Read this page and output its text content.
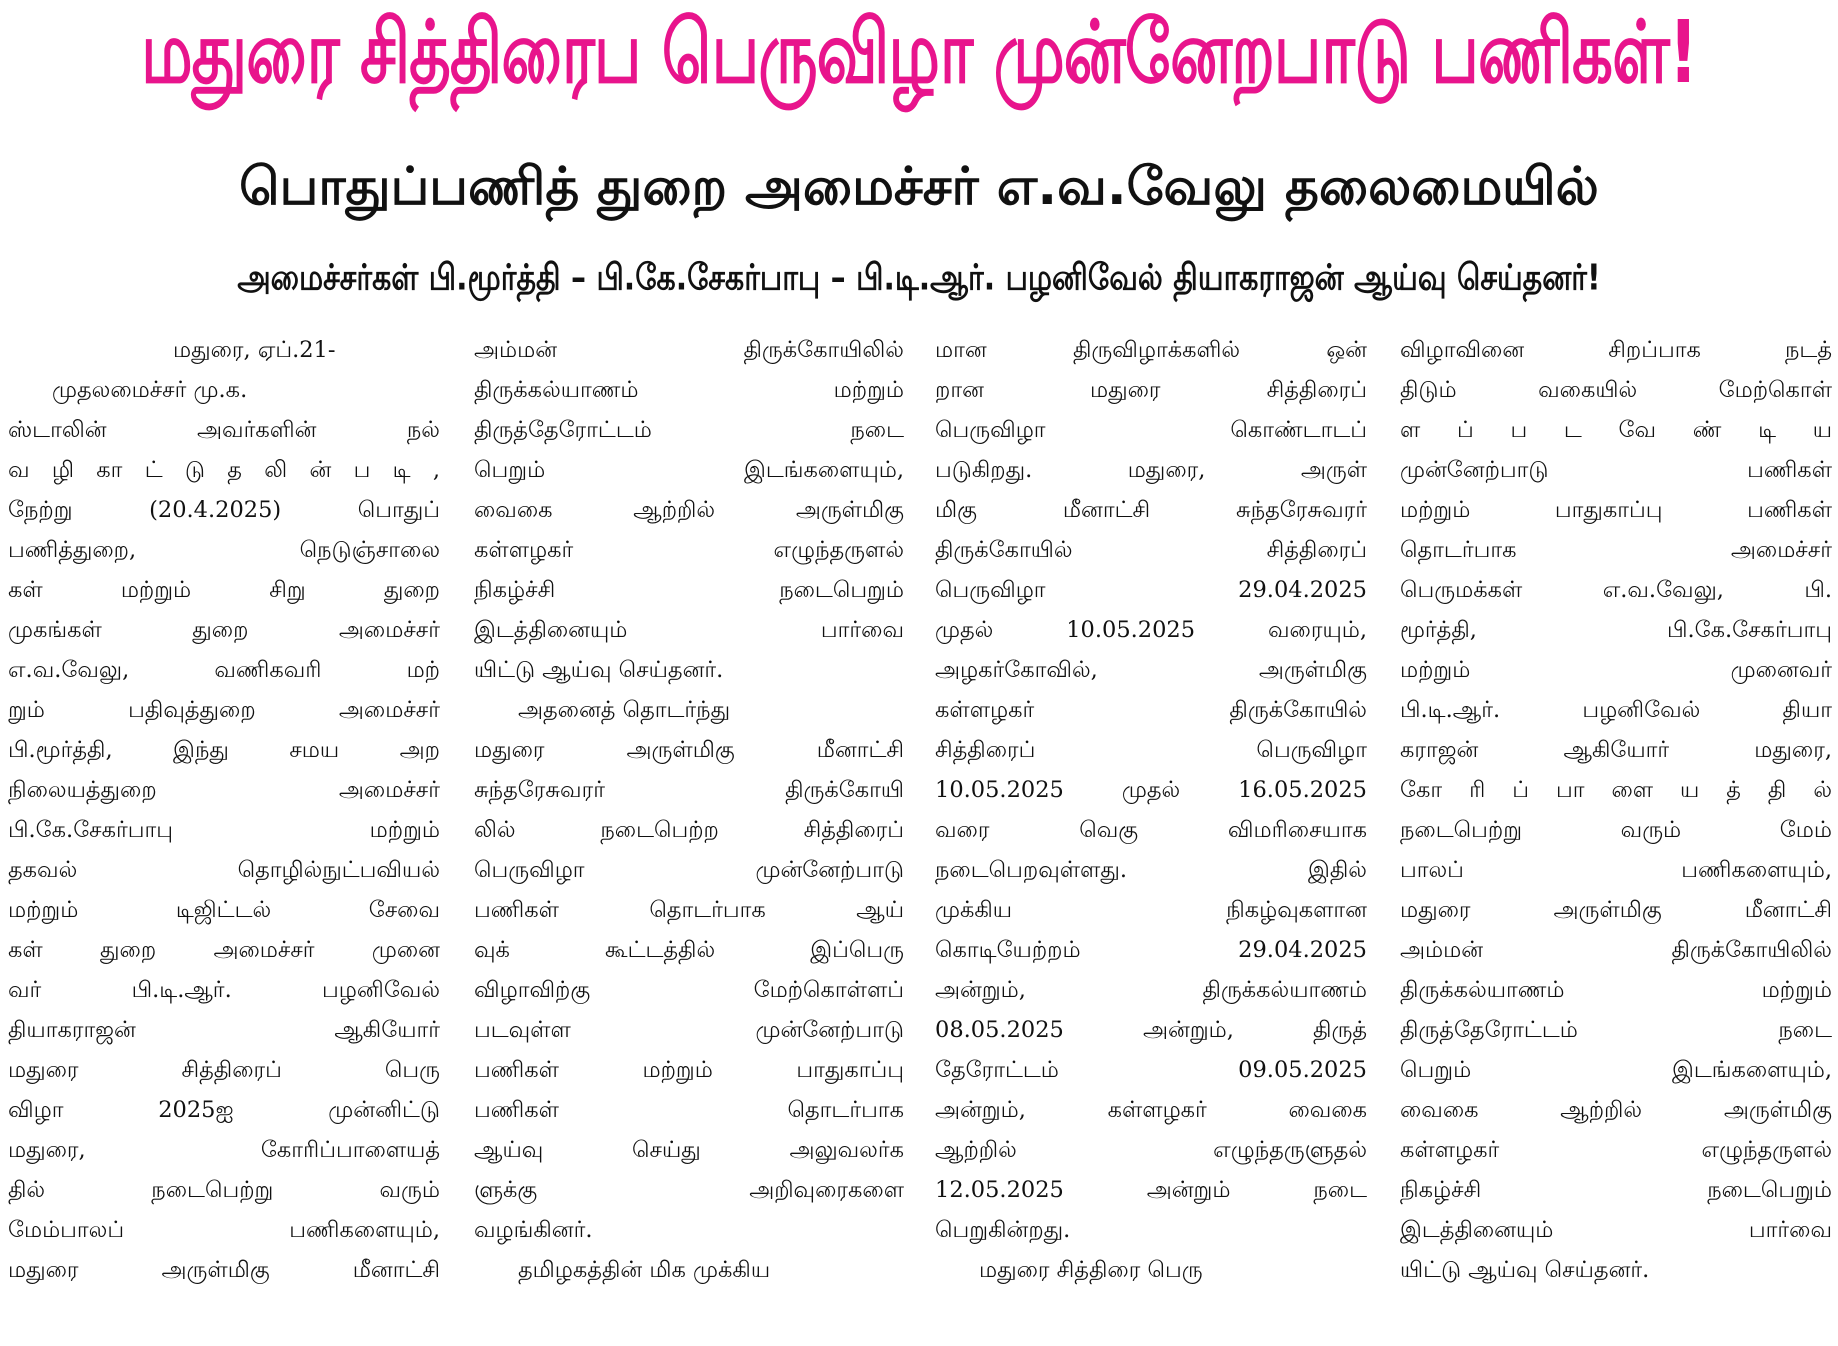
மதுரை சித்திரைப பெருவிழா முன்னேறபாடு பணிகள்!
பொதுப்பணித் துறை அமைச்சர் எ.வ.வேலு தலைமையில்
அமைச்சர்கள் பி.மூர்த்தி – பி.கே.சேகர்பாபு – பி.டி.ஆர். பழனிவேல் தியாகராஜன் ஆய்வு செய்தனர்!
மதுரை, ஏப்.21-
முதலமைச்சர் மு.க.
ஸ்டாலின் அவர்களின் நல்
வ ழி கா ட் டு த லி ன் ப டி ,
நேற்று (20.4.2025) பொதுப்
பணித்துறை, நெடுஞ்சாலை
கள் மற்றும் சிறு துறை
முகங்கள் துறை அமைச்சர்
எ.வ.வேலு, வணிகவரி மற்
றும் பதிவுத்துறை அமைச்சர்
பி.மூர்த்தி, இந்து சமய அற
நிலையத்துறை அமைச்சர்
பி.கே.சேகர்பாபு மற்றும்
தகவல் தொழில்நுட்பவியல்
மற்றும் டிஜிட்டல் சேவை
கள் துறை அமைச்சர் முனை
வர் பி.டி.ஆர். பழனிவேல்
தியாகராஜன் ஆகியோர்
மதுரை சித்திரைப் பெரு
விழா 2025ஐ முன்னிட்டு
மதுரை, கோரிப்பாளையத்
தில் நடைபெற்று வரும்
மேம்பாலப் பணிகளையும்,
மதுரை அருள்மிகு மீனாட்சி
அம்மன் திருக்கோயிலில்
திருக்கல்யாணம் மற்றும்
திருத்தேரோட்டம் நடை
பெறும் இடங்களையும்,
வைகை ஆற்றில் அருள்மிகு
கள்ளழகர் எழுந்தருளல்
நிகழ்ச்சி நடைபெறும்
இடத்தினையும் பார்வை
யிட்டு ஆய்வு செய்தனர்.
அதனைத் தொடர்ந்து
மதுரை அருள்மிகு மீனாட்சி
சுந்தரேசுவரர் திருக்கோயி
லில் நடைபெற்ற சித்திரைப்
பெருவிழா முன்னேற்பாடு
பணிகள் தொடர்பாக ஆய்
வுக் கூட்டத்தில் இப்பெரு
விழாவிற்கு மேற்கொள்ளப்
படவுள்ள முன்னேற்பாடு
பணிகள் மற்றும் பாதுகாப்பு
பணிகள் தொடர்பாக
ஆய்வு செய்து அலுவலர்க
ளுக்கு அறிவுரைகளை
வழங்கினர்.
தமிழகத்தின் மிக முக்கிய
மான திருவிழாக்களில் ஒன்
றான மதுரை சித்திரைப்
பெருவிழா கொண்டாடப்
படுகிறது. மதுரை, அருள்
மிகு மீனாட்சி சுந்தரேசுவரர்
திருக்கோயில் சித்திரைப்
பெருவிழா 29.04.2025
முதல் 10.05.2025 வரையும்,
அழகர்கோவில், அருள்மிகு
கள்ளழகர் திருக்கோயில்
சித்திரைப் பெருவிழா
10.05.2025 முதல் 16.05.2025
வரை வெகு விமரிசையாக
நடைபெறவுள்ளது. இதில்
முக்கிய நிகழ்வுகளான
கொடியேற்றம் 29.04.2025
அன்றும், திருக்கல்யாணம்
08.05.2025 அன்றும், திருத்
தேரோட்டம் 09.05.2025
அன்றும், கள்ளழகர் வைகை
ஆற்றில் எழுந்தருளுதல்
12.05.2025 அன்றும் நடை
பெறுகின்றது.
மதுரை சித்திரை பெரு
விழாவினை சிறப்பாக நடத்
திடும் வகையில் மேற்கொள்
ள ப் ப ட வே ண் டி ய
முன்னேற்பாடு பணிகள்
மற்றும் பாதுகாப்பு பணிகள்
தொடர்பாக அமைச்சர்
பெருமக்கள் எ.வ.வேலு, பி.
மூர்த்தி, பி.கே.சேகர்பாபு
மற்றும் முனைவர்
பி.டி.ஆர். பழனிவேல் தியா
கராஜன் ஆகியோர் மதுரை,
கோ ரி ப் பா ளை ய த் தி ல்
நடைபெற்று வரும் மேம்
பாலப் பணிகளையும்,
மதுரை அருள்மிகு மீனாட்சி
அம்மன் திருக்கோயிலில்
திருக்கல்யாணம் மற்றும்
திருத்தேரோட்டம் நடை
பெறும் இடங்களையும்,
வைகை ஆற்றில் அருள்மிகு
கள்ளழகர் எழுந்தருளல்
நிகழ்ச்சி நடைபெறும்
இடத்தினையும் பார்வை
யிட்டு ஆய்வு செய்தனர்.
